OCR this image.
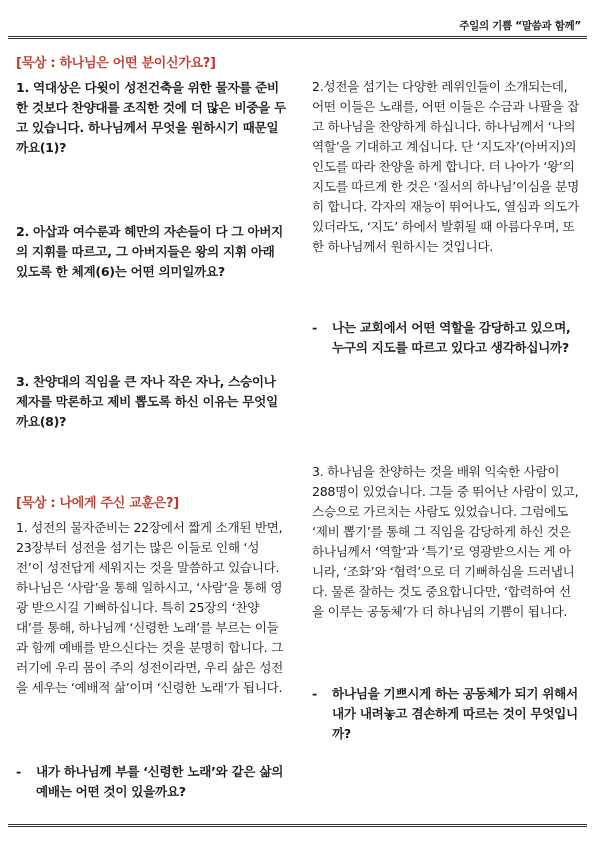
주일의 기쁨 “말씀과 함께”
[묵상 : 하나님은 어떤 분이신가요?]
1. 역대상은 다윗이 성전건축을 위한 물자를 준비한 것보다 찬양대를 조직한 것에 더 많은 비중을 두고 있습니다. 하나님께서 무엇을 원하시기 때문일까요(1)?
2. 아삽과 여수룬과 헤만의 자손들이 다 그 아버지의 지휘를 따르고, 그 아버지들은 왕의 지휘 아래 있도록 한 체계(6)는 어떤 의미일까요?
3. 찬양대의 직임을 큰 자나 작은 자나, 스승이나 제자를 막론하고 제비 뽑도록 하신 이유는 무엇일까요(8)?
[묵상 : 나에게 주신 교훈은?]
1. 성전의 물자준비는 22장에서 짧게 소개된 반면, 23장부터 성전을 섬기는 많은 이들로 인해 ‘성전’이 성전답게 세워지는 것을 말씀하고 있습니다. 하나님은 ‘사람’을 통해 일하시고, ‘사람’을 통해 영광 받으시길 기뻐하십니다. 특히 25장의 ‘찬양대’를 통해, 하나님께 ‘신령한 노래’를 부르는 이들과 함께 예배를 받으신다는 것을 분명히 합니다. 그러기에 우리 몸이 주의 성전이라면, 우리 삶은 성전을 세우는 ‘예배적 삶’이며 ‘신령한 노래’가 됩니다.
-	내가 하나님께 부를 ‘신령한 노래’와 같은 삶의 예배는 어떤 것이 있을까요?
2.성전을 섬기는 다양한 레위인들이 소개되는데, 어떤 이들은 노래를, 어떤 이들은 수금과 나팔을 잡고 하나님을 찬양하게 하십니다. 하나님께서 ‘나의 역할’을 기대하고 계십니다. 단 ‘지도자’(아버지)의 인도를 따라 찬양을 하게 합니다. 더 나아가 ‘왕’의 지도를 따르게 한 것은 ‘질서의 하나님’이심을 분명히 합니다. 각자의 재능이 뛰어나도, 열심과 의도가 있더라도, ‘지도’ 하에서 발휘될 때 아름다우며, 또한 하나님께서 원하시는 것입니다.
-	나는 교회에서 어떤 역할을 감당하고 있으며, 누구의 지도를 따르고 있다고 생각하십니까?
3. 하나님을 찬양하는 것을 배워 익숙한 사람이 288명이 있었습니다. 그들 중 뛰어난 사람이 있고, 스승으로 가르치는 사람도 있었습니다. 그럼에도 ‘제비 뽑기’를 통해 그 직임을 감당하게 하신 것은 하나님께서 ‘역할’과 ‘특기’로 영광받으시는 게 아니라, ‘조화’와 ‘협력’으로 더 기뻐하심을 드러냅니다. 물론 잘하는 것도 중요합니다만, ‘합력하여 선을 이루는 공동체’가 더 하나님의 기쁨이 됩니다.
-	하나님을 기쁘시게 하는 공동체가 되기 위해서 내가 내려놓고 겸손하게 따르는 것이 무엇입니까?
